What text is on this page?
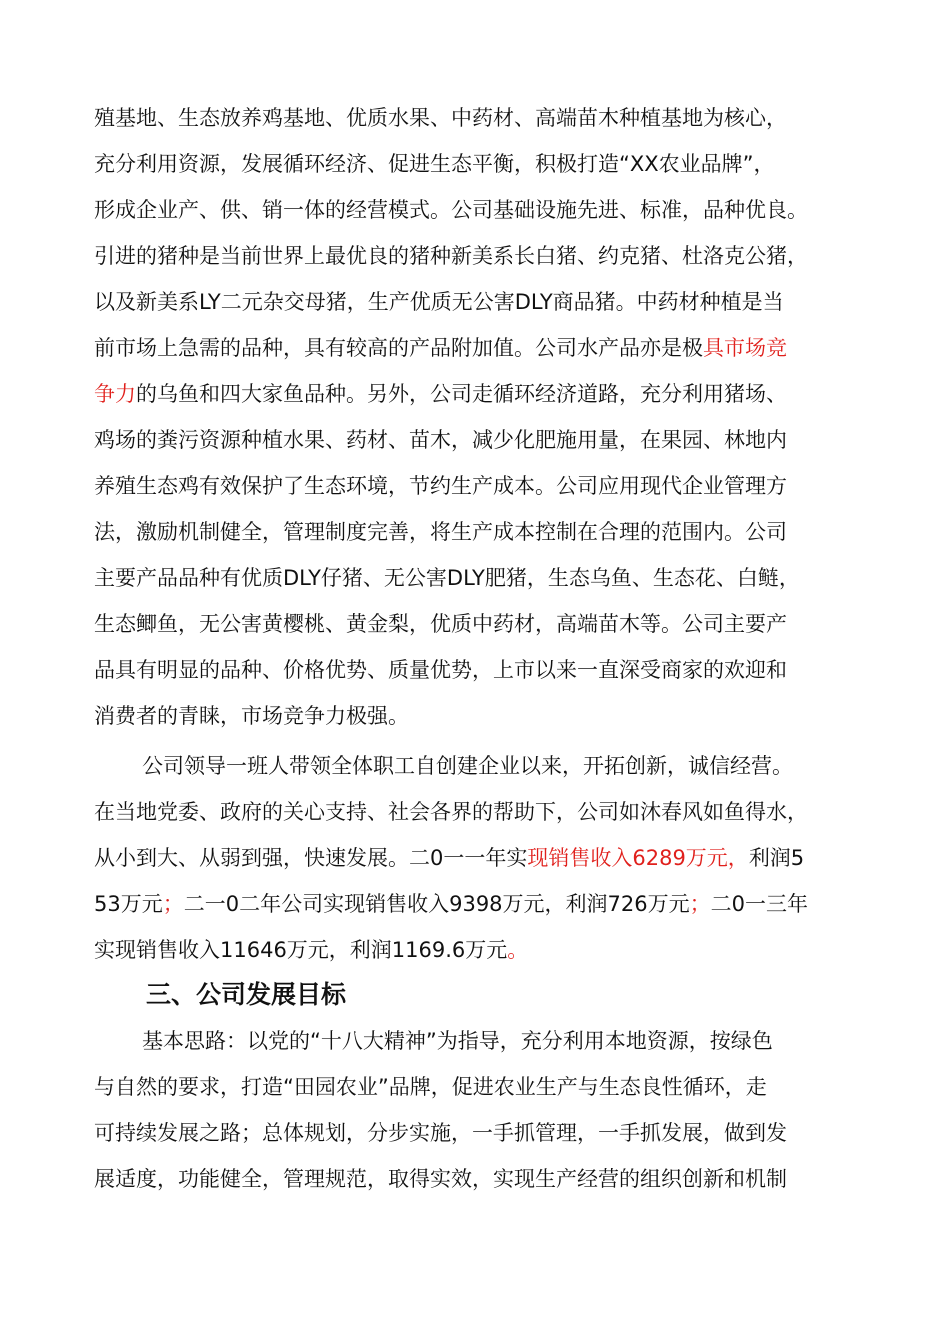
殖基地、生态放养鸡基地、优质水果、中药材、高端苗木种植基地为核心，
充分利用资源，发展循环经济、促进生态平衡，积极打造“XX农业品牌”，
形成企业产、供、销一体的经营模式。公司基础设施先进、标准，品种优良。
引进的猪种是当前世界上最优良的猪种新美系长白猪、约克猪、杜洛克公猪，
以及新美系LY二元杂交母猪，生产优质无公害DLY商品猪。中药材种植是当
前市场上急需的品种，具有较高的产品附加值。公司水产品亦是极具市场竞
争力的乌鱼和四大家鱼品种。另外，公司走循环经济道路，充分利用猪场、
鸡场的粪污资源种植水果、药材、苗木，减少化肥施用量，在果园、林地内
养殖生态鸡有效保护了生态环境，节约生产成本。公司应用现代企业管理方
法，激励机制健全，管理制度完善，将生产成本控制在合理的范围内。公司
主要产品品种有优质DLY仔猪、无公害DLY肥猪，生态乌鱼、生态花、白鲢，
生态鲫鱼，无公害黄樱桃、黄金梨，优质中药材，高端苗木等。公司主要产
品具有明显的品种、价格优势、质量优势，上市以来一直深受商家的欢迎和
消费者的青睐，市场竞争力极强。
公司领导一班人带领全体职工自创建企业以来，开拓创新，诚信经营。
在当地党委、政府的关心支持、社会各界的帮助下，公司如沐春风如鱼得水，
从小到大、从弱到强，快速发展。二0一一年实现销售收入6289万元，利润5
53万元；二一0二年公司实现销售收入9398万元，利润726万元；二0一三年
实现销售收入11646万元，利润1169.6万元。
三、公司发展目标
基本思路：以党的“十八大精神”为指导，充分利用本地资源，按绿色
与自然的要求，打造“田园农业”品牌，促进农业生产与生态良性循环，走
可持续发展之路；总体规划，分步实施，一手抓管理，一手抓发展，做到发
展适度，功能健全，管理规范，取得实效，实现生产经营的组织创新和机制
